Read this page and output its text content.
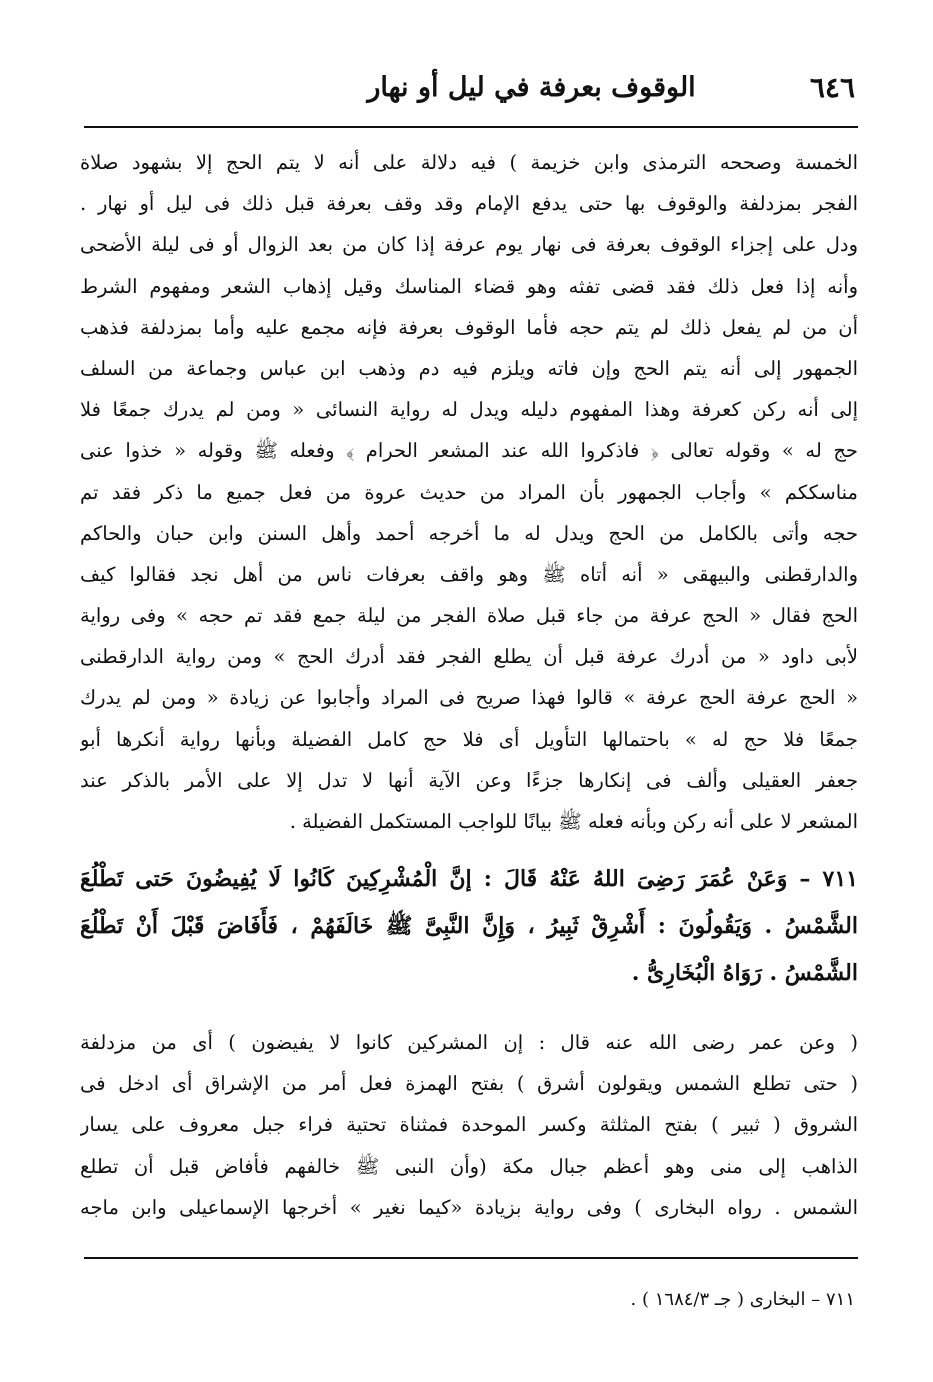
٦٤٦
الوقوف بعرفة في ليل أو نهار
الخمسة وصححه الترمذى وابن خزيمة ) فيه دلالة على أنه لا يتم الحج إلا بشهود صلاة
الفجر بمزدلفة والوقوف بها حتى يدفع الإمام وقد وقف بعرفة قبل ذلك فى ليل أو نهار .
ودل على إجزاء الوقوف بعرفة فى نهار يوم عرفة إذا كان من بعد الزوال أو فى ليلة الأضحى
وأنه إذا فعل ذلك فقد قضى تفثه وهو قضاء المناسك وقيل إذهاب الشعر ومفهوم الشرط
أن من لم يفعل ذلك لم يتم حجه فأما الوقوف بعرفة فإنه مجمع عليه وأما بمزدلفة فذهب
الجمهور إلى أنه يتم الحج وإن فاته ويلزم فيه دم وذهب ابن عباس وجماعة من السلف
إلى أنه ركن كعرفة وهذا المفهوم دليله ويدل له رواية النسائى « ومن لم يدرك جمعًا فلا
حج له » وقوله تعالى ﴿ فاذكروا الله عند المشعر الحرام ﴾ وفعله ﷺ وقوله « خذوا عنى
مناسككم » وأجاب الجمهور بأن المراد من حديث عروة من فعل جميع ما ذكر فقد تم
حجه وأتى بالكامل من الحج ويدل له ما أخرجه أحمد وأهل السنن وابن حبان والحاكم
والدارقطنى والبيهقى « أنه أتاه ﷺ وهو واقف بعرفات ناس من أهل نجد فقالوا كيف
الحج فقال « الحج عرفة من جاء قبل صلاة الفجر من ليلة جمع فقد تم حجه » وفى رواية
لأبى داود « من أدرك عرفة قبل أن يطلع الفجر فقد أدرك الحج » ومن رواية الدارقطنى
« الحج عرفة الحج عرفة » قالوا فهذا صريح فى المراد وأجابوا عن زيادة « ومن لم يدرك
جمعًا فلا حج له » باحتمالها التأويل أى فلا حج كامل الفضيلة وبأنها رواية أنكرها أبو
جعفر العقيلى وألف فى إنكارها جزءًا وعن الآية أنها لا تدل إلا على الأمر بالذكر عند
المشعر لا على أنه ركن وبأنه فعله ﷺ بيانًا للواجب المستكمل الفضيلة .
٧١١ – وَعَنْ عُمَرَ رَضِىَ اللهُ عَنْهُ قَالَ : إنَّ الْمُشْرِكِينَ كَانُوا لَا يُفِيضُونَ حَتى تَطْلُعَ
الشَّمْسُ . وَيَقُولُونَ : أَشْرِقْ ثَبِيرُ ، وَإِنَّ النَّبِىَّ ﷺ خَالَفَهُمْ ، فَأَفَاضَ قَبْلَ أَنْ تَطْلُعَ
الشَّمْسُ . رَوَاهُ الْبُخَارِىُّ .
( وعن عمر رضى الله عنه قال : إن المشركين كانوا لا يفيضون ) أى من مزدلفة
( حتى تطلع الشمس ويقولون أشرق ) بفتح الهمزة فعل أمر من الإشراق أى ادخل فى
الشروق ( ثبير ) بفتح المثلثة وكسر الموحدة فمثناة تحتية فراء جبل معروف على يسار
الذاهب إلى منى وهو أعظم جبال مكة (وأن النبى ﷺ خالفهم فأفاض قبل أن تطلع
الشمس . رواه البخارى ) وفى رواية بزيادة «كيما نغير » أخرجها الإسماعيلى وابن ماجه
٧١١ – البخارى ( جـ ١٦٨٤/٣ ) .
